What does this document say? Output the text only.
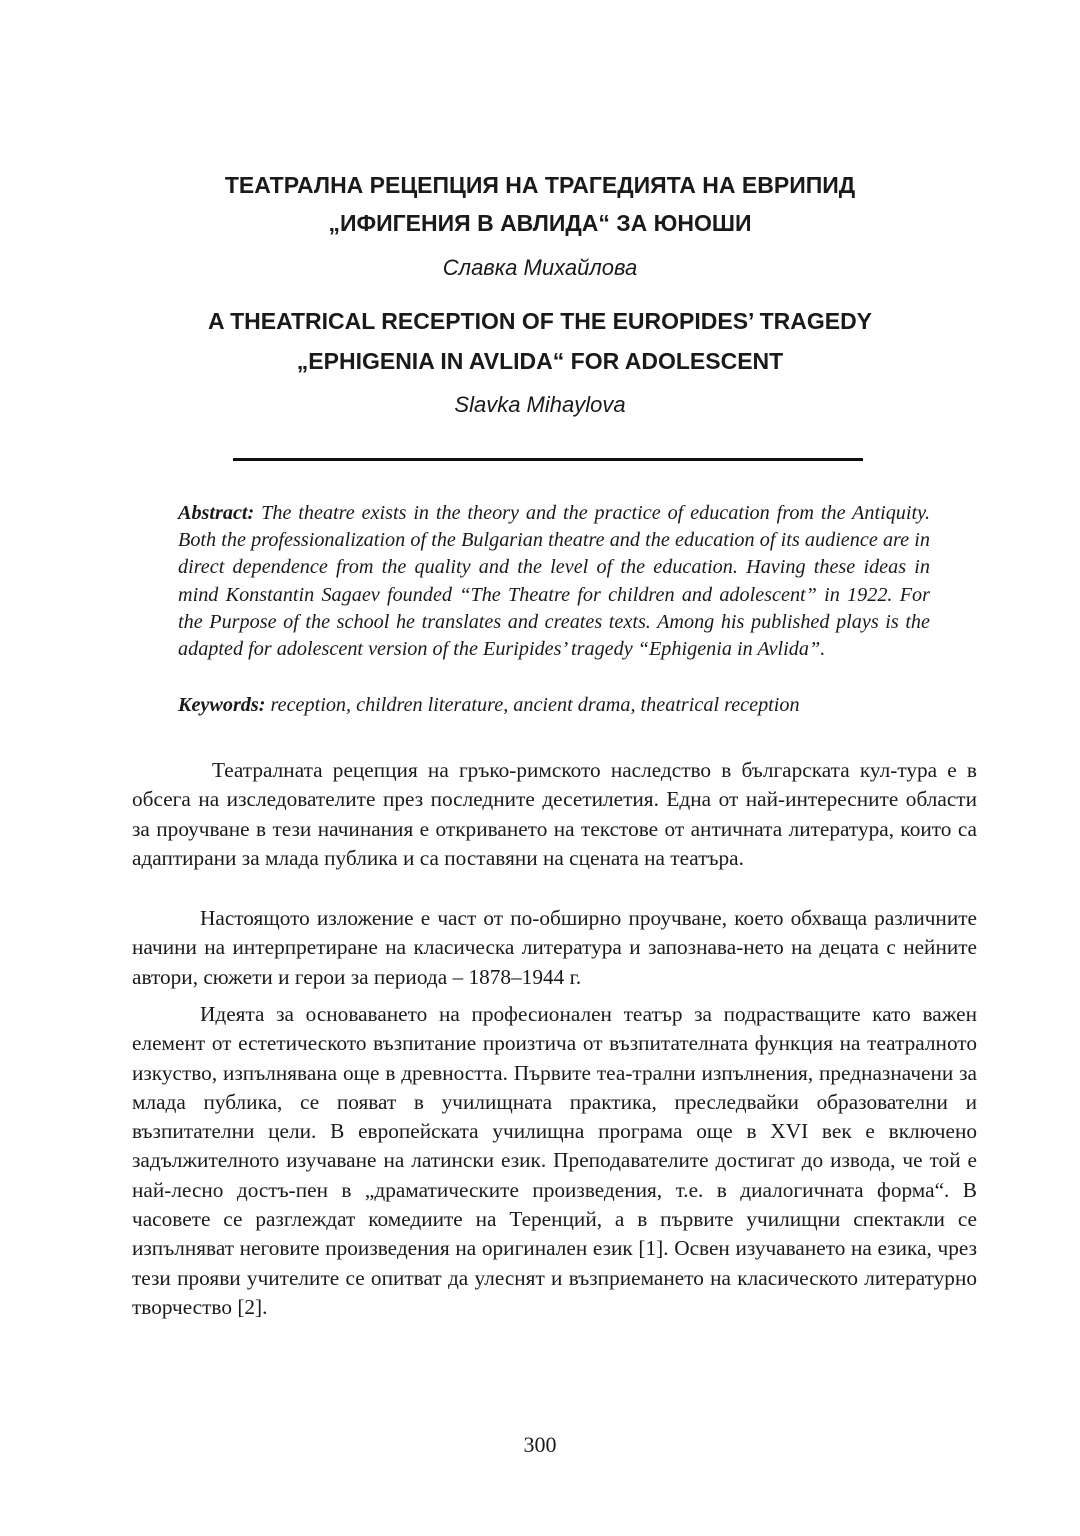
ТЕАТРАЛНА РЕЦЕПЦИЯ НА ТРАГЕДИЯТА НА ЕВРИПИД
„ИФИГЕНИЯ В АВЛИДА“ ЗА ЮНОШИ

Славка Михайлова

A THEATRICAL RECEPTION OF THE EUROPIDES’ TRAGEDY
„EPHIGENIA IN AVLIDA“ FOR ADOLESCENT

Slavka Mihaylova

Abstract: The theatre exists in the theory and the practice of education from the Antiquity. Both the professionalization of the Bulgarian theatre and the education of its audience are in direct dependence from the quality and the level of the education. Having these ideas in mind Konstantin Sagaev founded “The Theatre for children and adolescent” in 1922. For the Purpose of the school he translates and creates texts. Among his published plays is the adapted for adolescent version of the Euripides’ tragedy “Ephigenia in Avlida”.

Keywords: reception, children literature, ancient drama, theatrical reception

Театралната рецепция на гръко-римското наследство в българската кул-тура е в обсега на изследователите през последните десетилетия. Една от най-интересните области за проучване в тези начинания е откриването на текстове от античната литература, които са адаптирани за млада публика и са поставяни на сцената на театъра.

Настоящото изложение е част от по-обширно проучване, което обхваща различните начини на интерпретиране на класическа литература и запознава-нето на децата с нейните автори, сюжети и герои за периода – 1878–1944 г.

Идеята за основаването на професионален театър за подрастващите като важен елемент от естетическото възпитание произтича от възпитателната функция на театралното изкуство, изпълнявана още в древността. Първите теа-трални изпълнения, предназначени за млада публика, се появат в училищната практика, преследвайки образователни и възпитателни цели. В европейската училищна програма още в XVI век е включено задължителното изучаване на латински език. Преподавателите достигат до извода, че той е най-лесно достъ-пен в „драматическите произведения, т.е. в диалогичната форма“. В часовете се разглеждат комедиите на Теренций, а в първите училищни спектакли се изпълняват неговите произведения на оригинален език [1]. Освен изучаването на езика, чрез тези прояви учителите се опитват да улеснят и възприемането на класическото литературно творчество [2].

300
